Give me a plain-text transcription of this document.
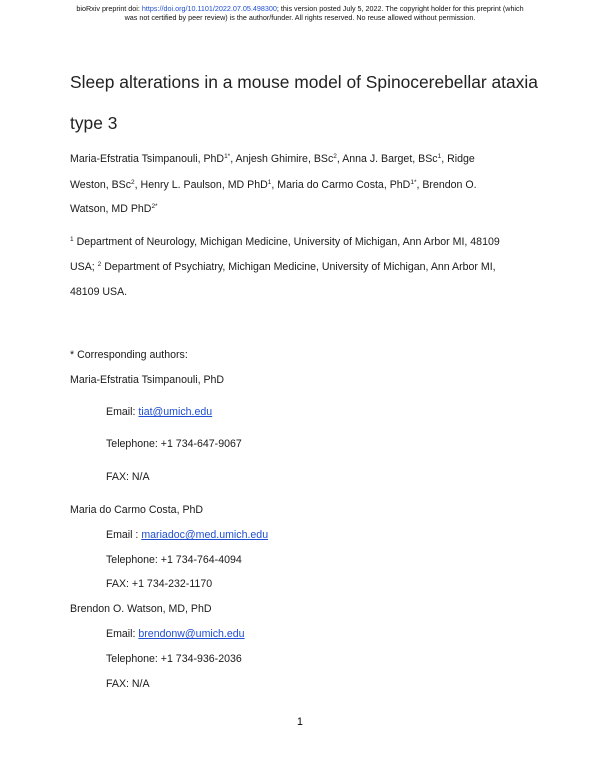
bioRxiv preprint doi: https://doi.org/10.1101/2022.07.05.498300; this version posted July 5, 2022. The copyright holder for this preprint (which
was not certified by peer review) is the author/funder. All rights reserved. No reuse allowed without permission.
Sleep alterations in a mouse model of Spinocerebellar ataxia
type 3
Maria-Efstratia Tsimpanouli, PhD$^{1*}$, Anjesh Ghimire, BSc$^2$, Anna J. Barget, BSc$^1$, Ridge
Weston, BSc$^2$, Henry L. Paulson, MD PhD$^1$, Maria do Carmo Costa, PhD$^{1*}$, Brendon O.
Watson, MD PhD$^{2*}$
$^1$ Department of Neurology, Michigan Medicine, University of Michigan, Ann Arbor MI, 48109
USA; $^2$ Department of Psychiatry, Michigan Medicine, University of Michigan, Ann Arbor MI,
48109 USA.
* Corresponding authors:
Maria-Efstratia Tsimpanouli, PhD
Email: tiat@umich.edu
Telephone: +1 734-647-9067
FAX: N/A
Maria do Carmo Costa, PhD
Email : mariadoc@med.umich.edu
Telephone: +1 734-764-4094
FAX: +1 734-232-1170
Brendon O. Watson, MD, PhD
Email: brendonw@umich.edu
Telephone: +1 734-936-2036
FAX: N/A
1
